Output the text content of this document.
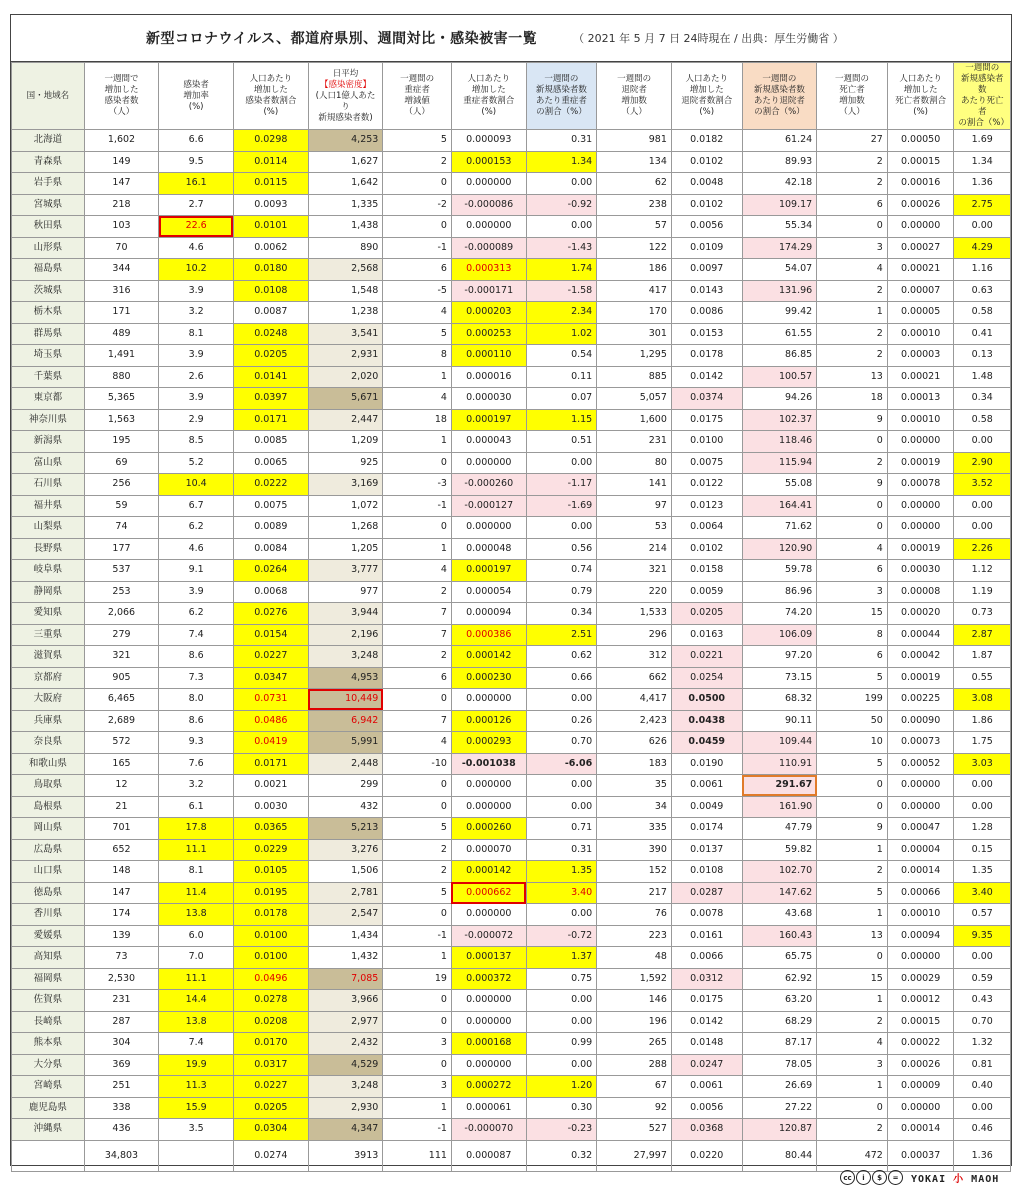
新型コロナウイルス、都道府県別、週間対比・感染被害一覧	（ 2021 年 5 月 7 日 24時現在 / 出典：厚生労働省 ）
国・地域名	一週間で
増加した
感染者数
（人）	感染者
増加率
(%)	人口あたり
増加した
感染者数割合
(%)	日平均
【感染密度】
(人口1億人あたり
新規感染者数)	一週間の
重症者
増減値
（人）	人口あたり
増加した
重症者数割合
(%)	一週間の
新規感染者数
あたり重症者
の割合（%）	一週間の
退院者
増加数
（人）	人口あたり
増加した
退院者数割合
(%)	一週間の
新規感染者数
あたり退院者
の割合（%）	一週間の
死亡者
増加数
（人）	人口あたり
増加した
死亡者数割合
(%)	一週間の
新規感染者数
あたり死亡者
の割合（%）

北海道	1,602	6.6	0.0298	4,253	5	0.000093	0.31	981	0.0182	61.24	27	0.00050	1.69
青森県	149	9.5	0.0114	1,627	2	0.000153	1.34	134	0.0102	89.93	2	0.00015	1.34
岩手県	147	16.1	0.0115	1,642	0	0.000000	0.00	62	0.0048	42.18	2	0.00016	1.36
宮城県	218	2.7	0.0093	1,335	-2	-0.000086	-0.92	238	0.0102	109.17	6	0.00026	2.75
秋田県	103	22.6	0.0101	1,438	0	0.000000	0.00	57	0.0056	55.34	0	0.00000	0.00
山形県	70	4.6	0.0062	890	-1	-0.000089	-1.43	122	0.0109	174.29	3	0.00027	4.29
福島県	344	10.2	0.0180	2,568	6	0.000313	1.74	186	0.0097	54.07	4	0.00021	1.16
茨城県	316	3.9	0.0108	1,548	-5	-0.000171	-1.58	417	0.0143	131.96	2	0.00007	0.63
栃木県	171	3.2	0.0087	1,238	4	0.000203	2.34	170	0.0086	99.42	1	0.00005	0.58
群馬県	489	8.1	0.0248	3,541	5	0.000253	1.02	301	0.0153	61.55	2	0.00010	0.41
埼玉県	1,491	3.9	0.0205	2,931	8	0.000110	0.54	1,295	0.0178	86.85	2	0.00003	0.13
千葉県	880	2.6	0.0141	2,020	1	0.000016	0.11	885	0.0142	100.57	13	0.00021	1.48
東京都	5,365	3.9	0.0397	5,671	4	0.000030	0.07	5,057	0.0374	94.26	18	0.00013	0.34
神奈川県	1,563	2.9	0.0171	2,447	18	0.000197	1.15	1,600	0.0175	102.37	9	0.00010	0.58
新潟県	195	8.5	0.0085	1,209	1	0.000043	0.51	231	0.0100	118.46	0	0.00000	0.00
富山県	69	5.2	0.0065	925	0	0.000000	0.00	80	0.0075	115.94	2	0.00019	2.90
石川県	256	10.4	0.0222	3,169	-3	-0.000260	-1.17	141	0.0122	55.08	9	0.00078	3.52
福井県	59	6.7	0.0075	1,072	-1	-0.000127	-1.69	97	0.0123	164.41	0	0.00000	0.00
山梨県	74	6.2	0.0089	1,268	0	0.000000	0.00	53	0.0064	71.62	0	0.00000	0.00
長野県	177	4.6	0.0084	1,205	1	0.000048	0.56	214	0.0102	120.90	4	0.00019	2.26
岐阜県	537	9.1	0.0264	3,777	4	0.000197	0.74	321	0.0158	59.78	6	0.00030	1.12
静岡県	253	3.9	0.0068	977	2	0.000054	0.79	220	0.0059	86.96	3	0.00008	1.19
愛知県	2,066	6.2	0.0276	3,944	7	0.000094	0.34	1,533	0.0205	74.20	15	0.00020	0.73
三重県	279	7.4	0.0154	2,196	7	0.000386	2.51	296	0.0163	106.09	8	0.00044	2.87
滋賀県	321	8.6	0.0227	3,248	2	0.000142	0.62	312	0.0221	97.20	6	0.00042	1.87
京都府	905	7.3	0.0347	4,953	6	0.000230	0.66	662	0.0254	73.15	5	0.00019	0.55
大阪府	6,465	8.0	0.0731	10,449	0	0.000000	0.00	4,417	0.0500	68.32	199	0.00225	3.08
兵庫県	2,689	8.6	0.0486	6,942	7	0.000126	0.26	2,423	0.0438	90.11	50	0.00090	1.86
奈良県	572	9.3	0.0419	5,991	4	0.000293	0.70	626	0.0459	109.44	10	0.00073	1.75
和歌山県	165	7.6	0.0171	2,448	-10	-0.001038	-6.06	183	0.0190	110.91	5	0.00052	3.03
鳥取県	12	3.2	0.0021	299	0	0.000000	0.00	35	0.0061	291.67	0	0.00000	0.00
島根県	21	6.1	0.0030	432	0	0.000000	0.00	34	0.0049	161.90	0	0.00000	0.00
岡山県	701	17.8	0.0365	5,213	5	0.000260	0.71	335	0.0174	47.79	9	0.00047	1.28
広島県	652	11.1	0.0229	3,276	2	0.000070	0.31	390	0.0137	59.82	1	0.00004	0.15
山口県	148	8.1	0.0105	1,506	2	0.000142	1.35	152	0.0108	102.70	2	0.00014	1.35
徳島県	147	11.4	0.0195	2,781	5	0.000662	3.40	217	0.0287	147.62	5	0.00066	3.40
香川県	174	13.8	0.0178	2,547	0	0.000000	0.00	76	0.0078	43.68	1	0.00010	0.57
愛媛県	139	6.0	0.0100	1,434	-1	-0.000072	-0.72	223	0.0161	160.43	13	0.00094	9.35
高知県	73	7.0	0.0100	1,432	1	0.000137	1.37	48	0.0066	65.75	0	0.00000	0.00
福岡県	2,530	11.1	0.0496	7,085	19	0.000372	0.75	1,592	0.0312	62.92	15	0.00029	0.59
佐賀県	231	14.4	0.0278	3,966	0	0.000000	0.00	146	0.0175	63.20	1	0.00012	0.43
長崎県	287	13.8	0.0208	2,977	0	0.000000	0.00	196	0.0142	68.29	2	0.00015	0.70
熊本県	304	7.4	0.0170	2,432	3	0.000168	0.99	265	0.0148	87.17	4	0.00022	1.32
大分県	369	19.9	0.0317	4,529	0	0.000000	0.00	288	0.0247	78.05	3	0.00026	0.81
宮崎県	251	11.3	0.0227	3,248	3	0.000272	1.20	67	0.0061	26.69	1	0.00009	0.40
鹿児島県	338	15.9	0.0205	2,930	1	0.000061	0.30	92	0.0056	27.22	0	0.00000	0.00
沖縄県	436	3.5	0.0304	4,347	-1	-0.000070	-0.23	527	0.0368	120.87	2	0.00014	0.46
	34,803		0.0274	3913	111	0.000087	0.32	27,997	0.0220	80.44	472	0.00037	1.36
cc	i	$	=	YOKAI 小 MAOH
